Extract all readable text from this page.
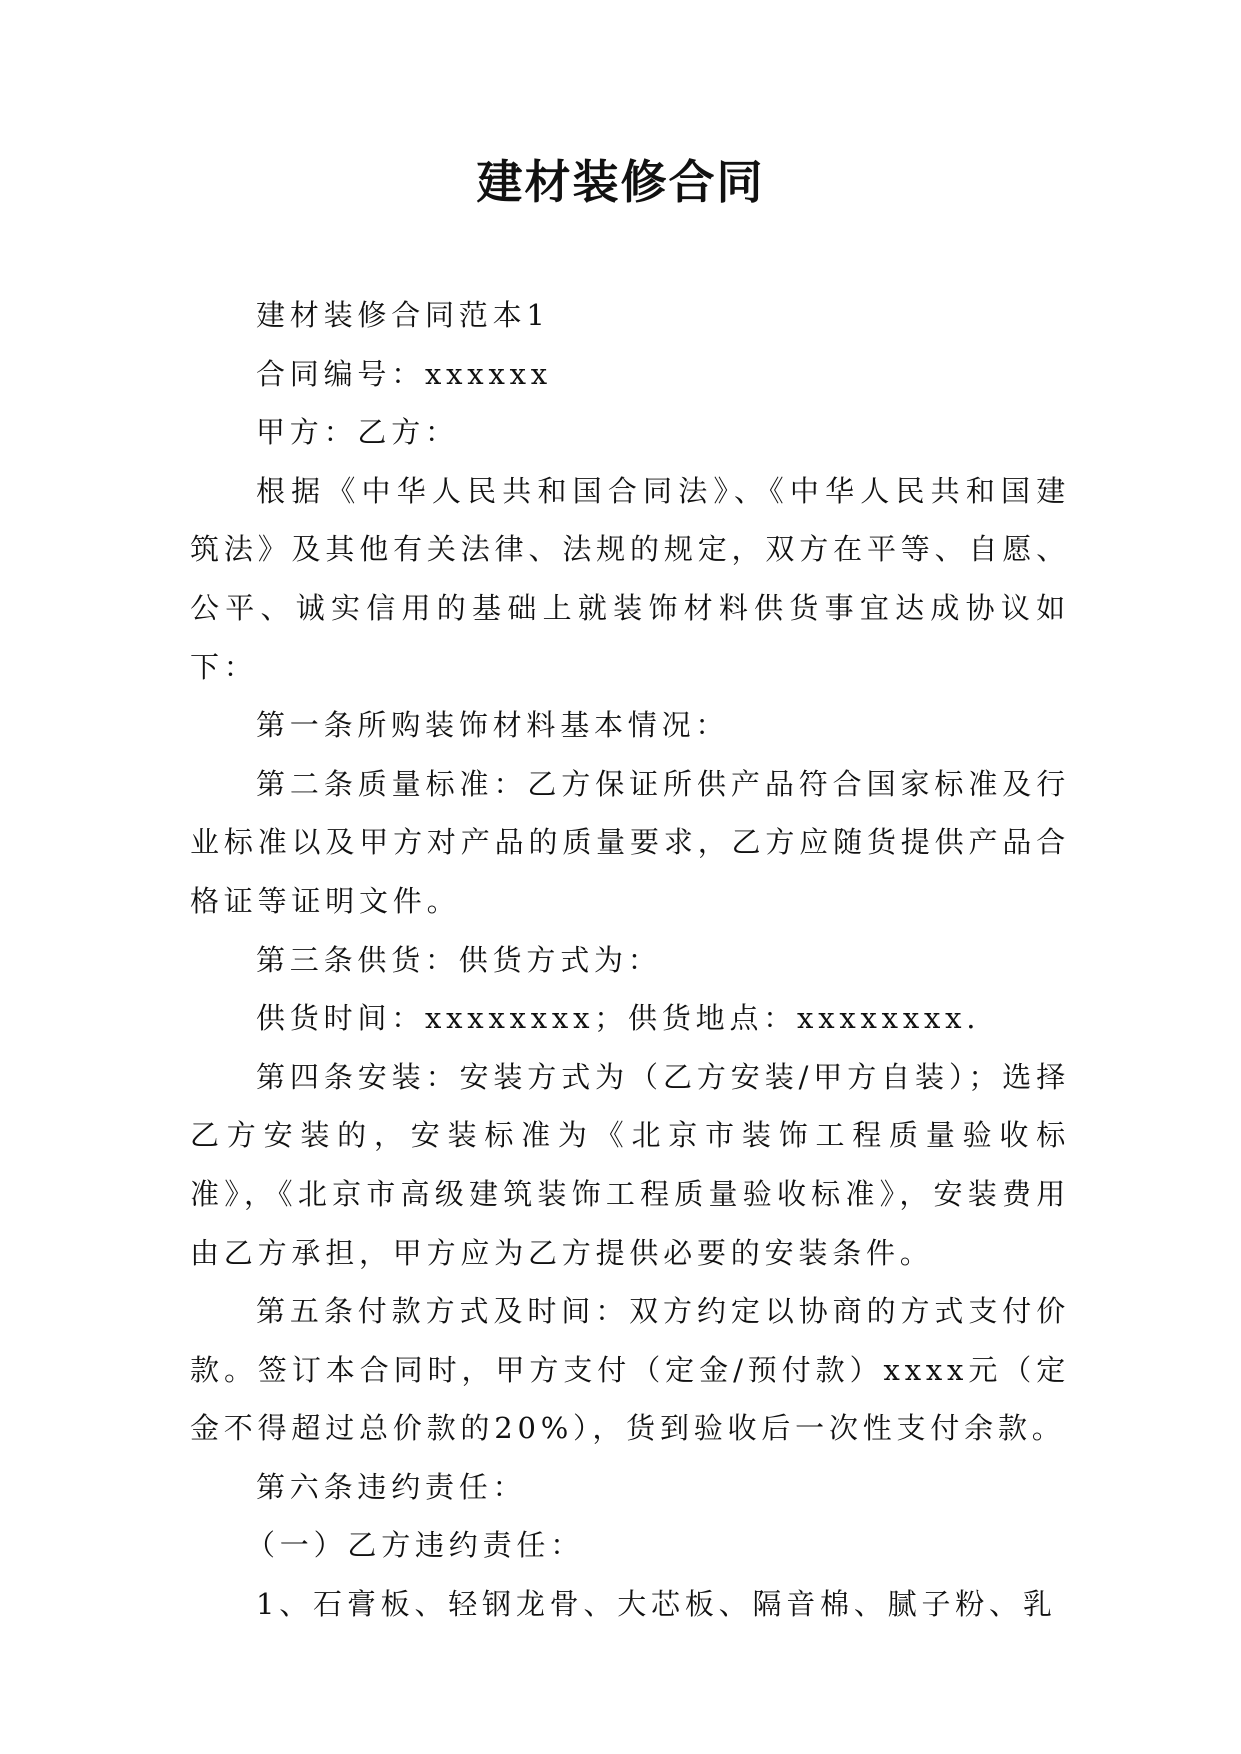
建材装修合同

建材装修合同范本1

合同编号：xxxxxx

甲方：乙方：

根据《中华人民共和国合同法》、《中华人民共和国建筑法》及其他有关法律、法规的规定，双方在平等、自愿、公平、诚实信用的基础上就装饰材料供货事宜达成协议如下：

第一条所购装饰材料基本情况：

第二条质量标准：乙方保证所供产品符合国家标准及行业标准以及甲方对产品的质量要求，乙方应随货提供产品合格证等证明文件。

第三条供货：供货方式为：

供货时间：xxxxxxxx；供货地点：xxxxxxxx.

第四条安装：安装方式为（乙方安装/甲方自装）；选择乙方安装的，安装标准为《北京市装饰工程质量验收标准》，《北京市高级建筑装饰工程质量验收标准》，安装费用由乙方承担，甲方应为乙方提供必要的安装条件。

第五条付款方式及时间：双方约定以协商的方式支付价款。签订本合同时，甲方支付（定金/预付款）xxxx元（定金不得超过总价款的20%），货到验收后一次性支付余款。

第六条违约责任：

（一）乙方违约责任：

1、石膏板、轻钢龙骨、大芯板、隔音棉、腻子粉、乳
